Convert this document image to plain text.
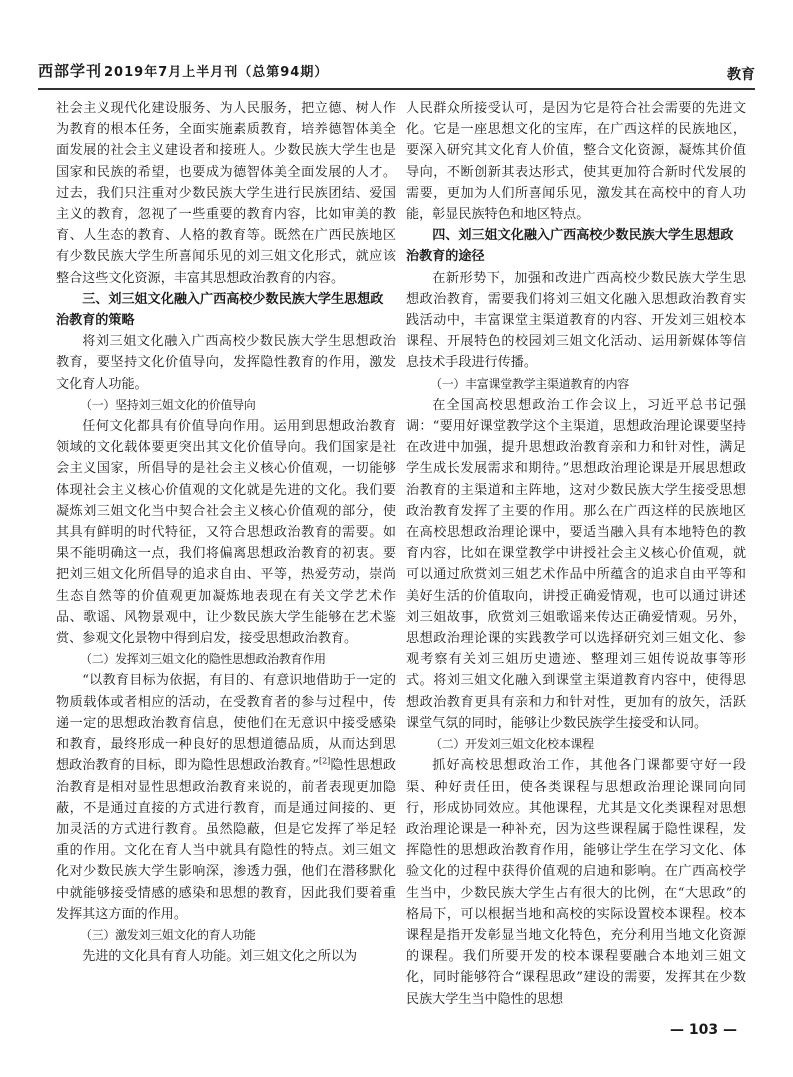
西部学刊 2019年7月上半月刊（总第94期）	教育

社会主义现代化建设服务、为人民服务，把立德、树人作为教育的根本任务，全面实施素质教育，培养德智体美全面发展的社会主义建设者和接班人。少数民族大学生也是国家和民族的希望，也要成为德智体美全面发展的人才。过去，我们只注重对少数民族大学生进行民族团结、爱国主义的教育，忽视了一些重要的教育内容，比如审美的教育、人生态的教育、人格的教育等。既然在广西民族地区有少数民族大学生所喜闻乐见的刘三姐文化形式，就应该整合这些文化资源，丰富其思想政治教育的内容。

三、刘三姐文化融入广西高校少数民族大学生思想政治教育的策略

将刘三姐文化融入广西高校少数民族大学生思想政治教育，要坚持文化价值导向，发挥隐性教育的作用，激发文化育人功能。

（一）坚持刘三姐文化的价值导向

任何文化都具有价值导向作用。运用到思想政治教育领域的文化载体要更突出其文化价值导向。我们国家是社会主义国家，所倡导的是社会主义核心价值观，一切能够体现社会主义核心价值观的文化就是先进的文化。我们要凝炼刘三姐文化当中契合社会主义核心价值观的部分，使其具有鲜明的时代特征，又符合思想政治教育的需要。如果不能明确这一点，我们将偏离思想政治教育的初衷。要把刘三姐文化所倡导的追求自由、平等，热爱劳动，崇尚生态自然等的价值观更加凝炼地表现在有关文学艺术作品、歌谣、风物景观中，让少数民族大学生能够在艺术鉴赏、参观文化景物中得到启发，接受思想政治教育。

（二）发挥刘三姐文化的隐性思想政治教育作用

“以教育目标为依据，有目的、有意识地借助于一定的物质载体或者相应的活动，在受教育者的参与过程中，传递一定的思想政治教育信息，使他们在无意识中接受感染和教育，最终形成一种良好的思想道德品质，从而达到思想政治教育的目标，即为隐性思想政治教育。”[2]隐性思想政治教育是相对显性思想政治教育来说的，前者表现更加隐蔽，不是通过直接的方式进行教育，而是通过间接的、更加灵活的方式进行教育。虽然隐蔽，但是它发挥了举足轻重的作用。文化在育人当中就具有隐性的特点。刘三姐文化对少数民族大学生影响深，渗透力强，他们在潜移默化中就能够接受情感的感染和思想的教育，因此我们要着重发挥其这方面的作用。

（三）激发刘三姐文化的育人功能

先进的文化具有育人功能。刘三姐文化之所以为

人民群众所接受认可，是因为它是符合社会需要的先进文化。它是一座思想文化的宝库，在广西这样的民族地区，要深入研究其文化育人价值，整合文化资源，凝炼其价值导向，不断创新其表达形式，使其更加符合新时代发展的需要，更加为人们所喜闻乐见，激发其在高校中的育人功能，彰显民族特色和地区特点。

四、刘三姐文化融入广西高校少数民族大学生思想政治教育的途径

在新形势下，加强和改进广西高校少数民族大学生思想政治教育，需要我们将刘三姐文化融入思想政治教育实践活动中，丰富课堂主渠道教育的内容、开发刘三姐校本课程、开展特色的校园刘三姐文化活动、运用新媒体等信息技术手段进行传播。

（一）丰富课堂教学主渠道教育的内容

在全国高校思想政治工作会议上，习近平总书记强调：“要用好课堂教学这个主渠道，思想政治理论课要坚持在改进中加强，提升思想政治教育亲和力和针对性，满足学生成长发展需求和期待。”思想政治理论课是开展思想政治教育的主渠道和主阵地，这对少数民族大学生接受思想政治教育发挥了主要的作用。那么在广西这样的民族地区在高校思想政治理论课中，要适当融入具有本地特色的教育内容，比如在课堂教学中讲授社会主义核心价值观，就可以通过欣赏刘三姐艺术作品中所蕴含的追求自由平等和美好生活的价值取向，讲授正确爱情观，也可以通过讲述刘三姐故事，欣赏刘三姐歌谣来传达正确爱情观。另外，思想政治理论课的实践教学可以选择研究刘三姐文化、参观考察有关刘三姐历史遗迹、整理刘三姐传说故事等形式。将刘三姐文化融入到课堂主渠道教育内容中，使得思想政治教育更具有亲和力和针对性，更加有的放矢，活跃课堂气氛的同时，能够让少数民族学生接受和认同。

（二）开发刘三姐文化校本课程

抓好高校思想政治工作，其他各门课都要守好一段渠、种好责任田，使各类课程与思想政治理论课同向同行，形成协同效应。其他课程，尤其是文化类课程对思想政治理论课是一种补充，因为这些课程属于隐性课程，发挥隐性的思想政治教育作用，能够让学生在学习文化、体验文化的过程中获得价值观的启迪和影响。在广西高校学生当中，少数民族大学生占有很大的比例，在“大思政”的格局下，可以根据当地和高校的实际设置校本课程。校本课程是指开发彰显当地文化特色，充分利用当地文化资源的课程。我们所要开发的校本课程要融合本地刘三姐文化，同时能够符合“课程思政”建设的需要，发挥其在少数民族大学生当中隐性的思想

— 103 —
